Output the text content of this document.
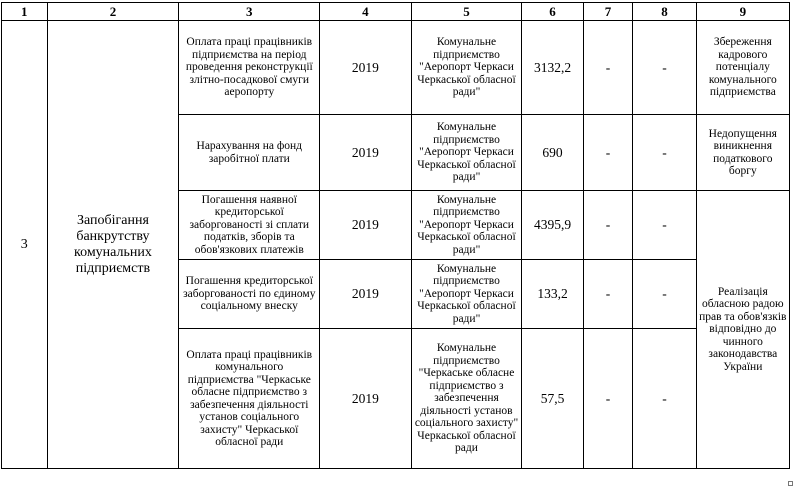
1	2	3	4	5	6	7	8	9
3	Запобігання банкрутству комунальних підприємств	Оплата праці працівників підприємства на період проведення реконструкції злітно-посадкової смуги аеропорту	2019	Комунальне підприємство "Аеропорт Черкаси Черкаської обласної ради"	3132,2	-	-	Збереження кадрового потенціалу комунального підприємства
		Нарахування на фонд заробітної плати	2019	Комунальне підприємство "Аеропорт Черкаси Черкаської обласної ради"	690	-	-	Недопущення виникнення податкового боргу
		Погашення наявної кредиторської заборгованості зі сплати податків, зборів та обов'язкових платежів	2019	Комунальне підприємство "Аеропорт Черкаси Черкаської обласної ради"	4395,9	-	-	Реалізація обласною радою прав та обов'язків відповідно до чинного законодавства України
		Погашення кредиторської заборгованості по єдиному соціальному внеску	2019	Комунальне підприємство "Аеропорт Черкаси Черкаської обласної ради"	133,2	-	-	
		Оплата праці працівників комунального підприємства "Черкаське обласне підприємство з забезпечення діяльності установ соціального захисту" Черкаської обласної ради	2019	Комунальне підприємство "Черкаське обласне підприємство з забезпечення діяльності установ соціального захисту" Черкаської обласної ради	57,5	-	-	
